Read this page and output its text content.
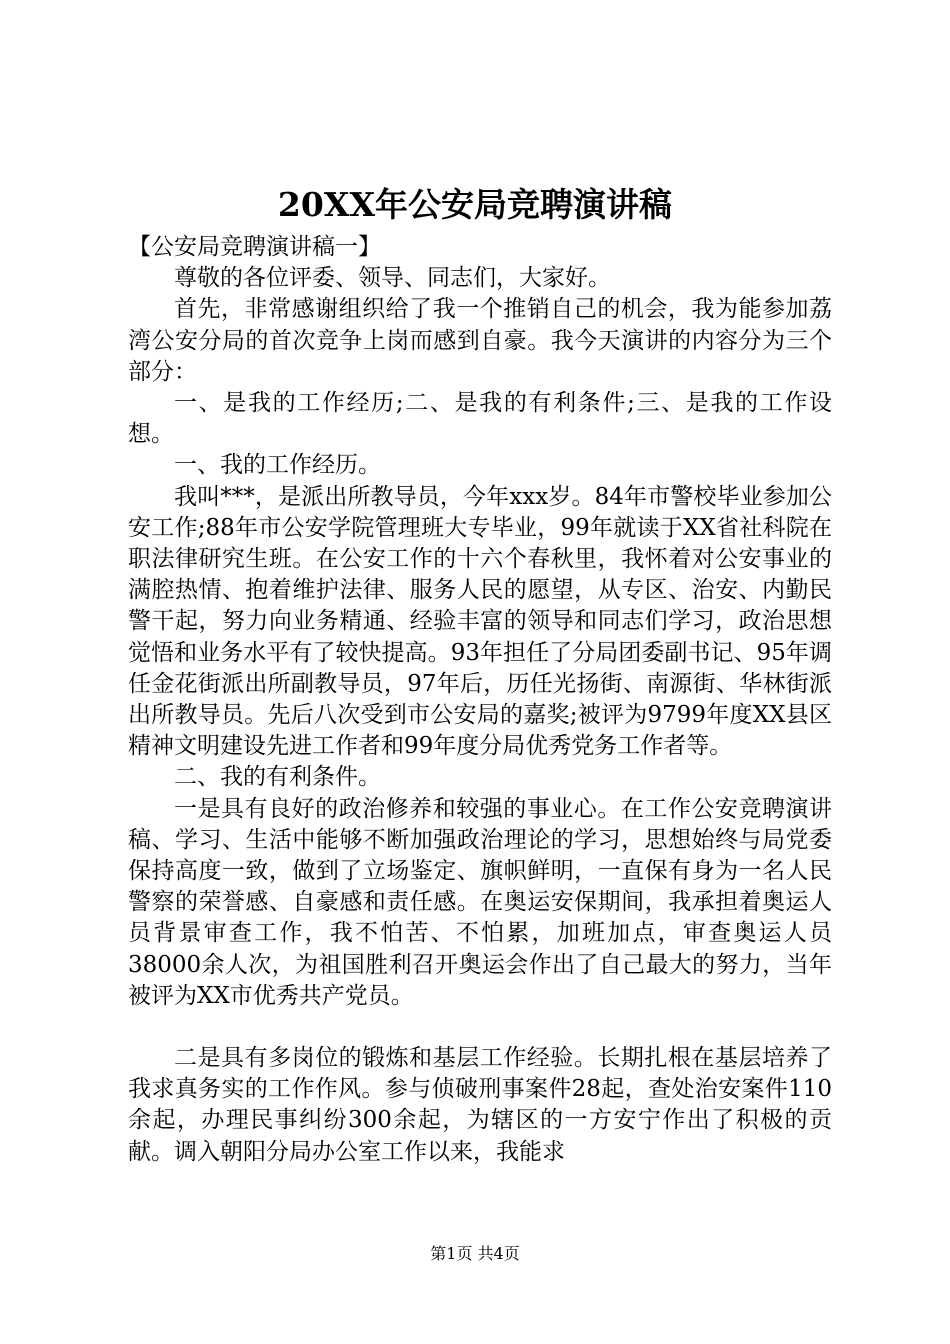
20XX年公安局竞聘演讲稿

【公安局竞聘演讲稿一】

尊敬的各位评委、领导、同志们，大家好。

首先，非常感谢组织给了我一个推销自己的机会，我为能参加荔湾公安分局的首次竞争上岗而感到自豪。我今天演讲的内容分为三个部分：

一、是我的工作经历;二、是我的有利条件;三、是我的工作设想。

一、我的工作经历。

我叫***，是派出所教导员，今年xxx岁。84年市警校毕业参加公安工作;88年市公安学院管理班大专毕业，99年就读于XX省社科院在职法律研究生班。在公安工作的十六个春秋里，我怀着对公安事业的满腔热情、抱着维护法律、服务人民的愿望，从专区、治安、内勤民警干起，努力向业务精通、经验丰富的领导和同志们学习，政治思想觉悟和业务水平有了较快提高。93年担任了分局团委副书记、95年调任金花街派出所副教导员，97年后，历任光扬街、南源街、华林街派出所教导员。先后八次受到市公安局的嘉奖;被评为9799年度XX县区精神文明建设先进工作者和99年度分局优秀党务工作者等。

二、我的有利条件。

一是具有良好的政治修养和较强的事业心。在工作公安竞聘演讲稿、学习、生活中能够不断加强政治理论的学习，思想始终与局党委保持高度一致，做到了立场鉴定、旗帜鲜明，一直保有身为一名人民警察的荣誉感、自豪感和责任感。在奥运安保期间，我承担着奥运人员背景审查工作，我不怕苦、不怕累，加班加点，审查奥运人员38000余人次，为祖国胜利召开奥运会作出了自己最大的努力，当年被评为XX市优秀共产党员。

二是具有多岗位的锻炼和基层工作经验。长期扎根在基层培养了我求真务实的工作作风。参与侦破刑事案件28起，查处治安案件110余起，办理民事纠纷300余起，为辖区的一方安宁作出了积极的贡献。调入朝阳分局办公室工作以来，我能求

第1页 共4页
